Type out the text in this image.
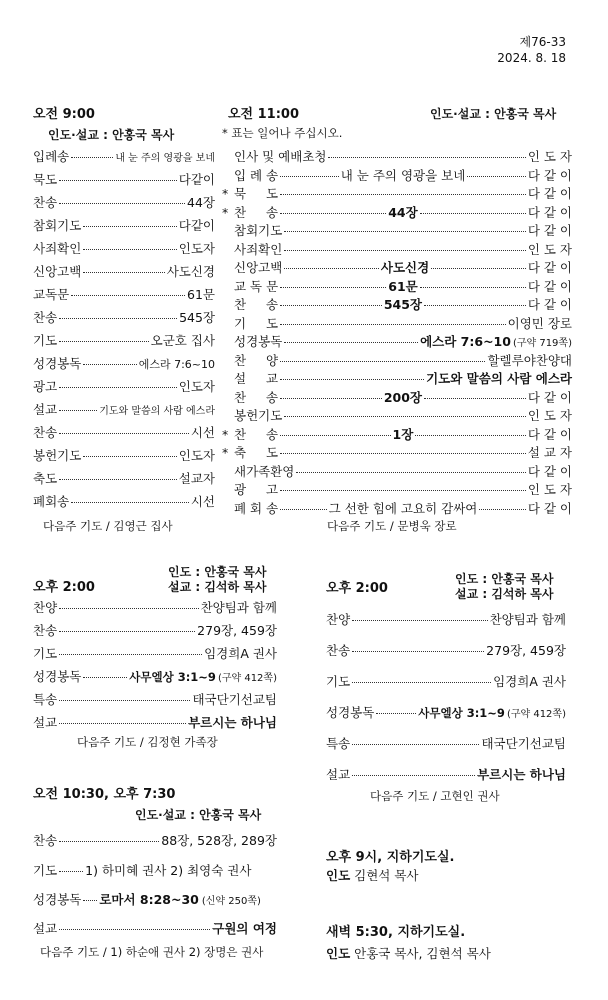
제76-33
2024. 8. 18
오전 9:00
인도·설교 : 안홍국 목사
입례송	내 눈 주의 영광을 보네
묵도	다같이
찬송	44장
참회기도	다같이
사죄확인	인도자
신앙고백	사도신경
교독문	61문
찬송	545장
기도	오군호 집사
성경봉독	에스라 7:6~10
광고	인도자
설교	기도와 말씀의 사람 에스라
찬송	시선
봉헌기도	인도자
축도	설교자
폐회송	시선
다음주 기도 / 김영근 집사
오전 11:00	인도·설교 : 안홍국 목사
* 표는 일어나 주십시오.
인사 및 예배초청	인 도 자
입 례 송	내 눈 주의 영광을 보네	다 같 이
* 묵     도	다 같 이
* 찬     송	44장	다 같 이
참회기도	다 같 이
사죄확인	인 도 자
신앙고백	사도신경	다 같 이
교 독 문	61문	다 같 이
찬     송	545장	다 같 이
기     도	이영민 장로
성경봉독	에스라 7:6~10 (구약 719쪽)
찬     양	할렐루야찬양대
설     교	기도와 말씀의 사람 에스라
찬     송	200장	다 같 이
봉헌기도	인 도 자
* 찬     송	1장	다 같 이
* 축     도	설 교 자
새가족환영	다 같 이
광     고	인 도 자
폐 회 송	그 선한 힘에 고요히 감싸여	다 같 이
다음주 기도 / 문병욱 장로
오후 2:00
인도 : 안홍국 목사
설교 : 김석하 목사
찬양	찬양팀과 함께
찬송	279장, 459장
기도	임경희A 권사
성경봉독	사무엘상 3:1~9 (구약 412쪽)
특송	태국단기선교팀
설교	부르시는 하나님
다음주 기도 / 김정현 가족장
오후 2:00
인도 : 안홍국 목사
설교 : 김석하 목사
찬양	찬양팀과 함께
찬송	279장, 459장
기도	임경희A 권사
성경봉독	사무엘상 3:1~9 (구약 412쪽)
특송	태국단기선교팀
설교	부르시는 하나님
다음주 기도 / 고현인 권사
오전 10:30, 오후 7:30
인도·설교 : 안홍국 목사
찬송	88장, 528장, 289장
기도 1) 하미혜 권사 2) 최영숙 권사
성경봉독 로마서 8:28~30 (신약 250쪽)
설교	구원의 여정
다음주 기도 / 1) 하순애 권사 2) 장명은 권사
오후 9시, 지하기도실.
인도 김현석 목사
새벽 5:30, 지하기도실.
인도 안홍국 목사, 김현석 목사
